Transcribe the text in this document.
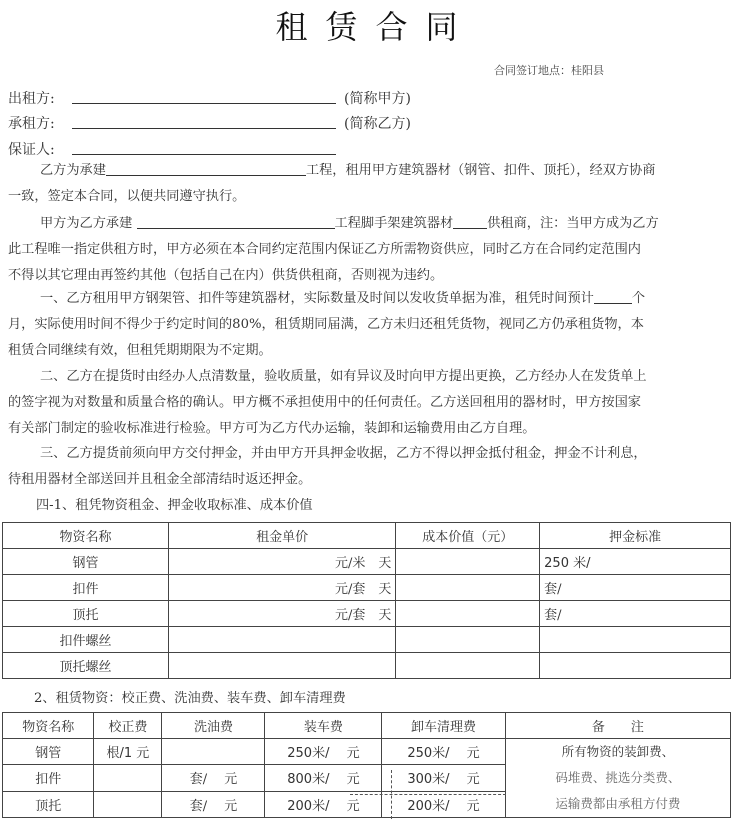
租赁合同
合同签订地点：桂阳县
出租方:	(简称甲方)
承租方:	(简称乙方)
保证人:
乙方为承建	工程，租用甲方建筑器材（钢管、扣件、顶托），经双方协商
一致，签定本合同，以便共同遵守执行。
甲方为乙方承建	工程脚手架建筑器材	供租商，注：当甲方成为乙方
此工程唯一指定供租方时，甲方必须在本合同约定范围内保证乙方所需物资供应，同时乙方在合同约定范围内
不得以其它理由再签约其他（包括自己在内）供货供租商，否则视为违约。
一、乙方租用甲方钢架管、扣件等建筑器材，实际数量及时间以发收货单据为准，租凭时间预计	个
月，实际使用时间不得少于约定时间的80%，租赁期同届满，乙方未归还租凭货物，视同乙方仍承租货物，本
租赁合同继续有效，但租凭期期限为不定期。
二、乙方在提货时由经办人点清数量，验收质量，如有异议及时向甲方提出更换，乙方经办人在发货单上
的签字视为对数量和质量合格的确认。甲方概不承担使用中的任何责任。乙方送回租用的器材时，甲方按国家
有关部门制定的验收标准进行检验。甲方可为乙方代办运输，装卸和运输费用由乙方自理。
三、乙方提货前须向甲方交付押金，并由甲方开具押金收据，乙方不得以押金抵付租金，押金不计利息，
待租用器材全部送回并且租金全部清结时返还押金。
四-1、租凭物资租金、押金收取标准、成本价值
物资名称	租金单价	成本价值（元）	押金标准
钢管	元/米　天		250 米/
扣件	元/套　天		套/
顶托	元/套　天		套/
扣件螺丝			
顶托螺丝			
2、租赁物资：校正费、洗油费、装车费、卸车清理费
物资名称	校正费	洗油费	装车费	卸车清理费	备　　注
钢管	根/1 元		250米/　 元	250米/　 元	所有物资的装卸费、
码堆费、挑选分类费、
运输费都由承租方付费

扣件		套/　 元	800米/　 元	300米/　 元	
顶托		套/　 元	200米/　 元	200米/　 元	
